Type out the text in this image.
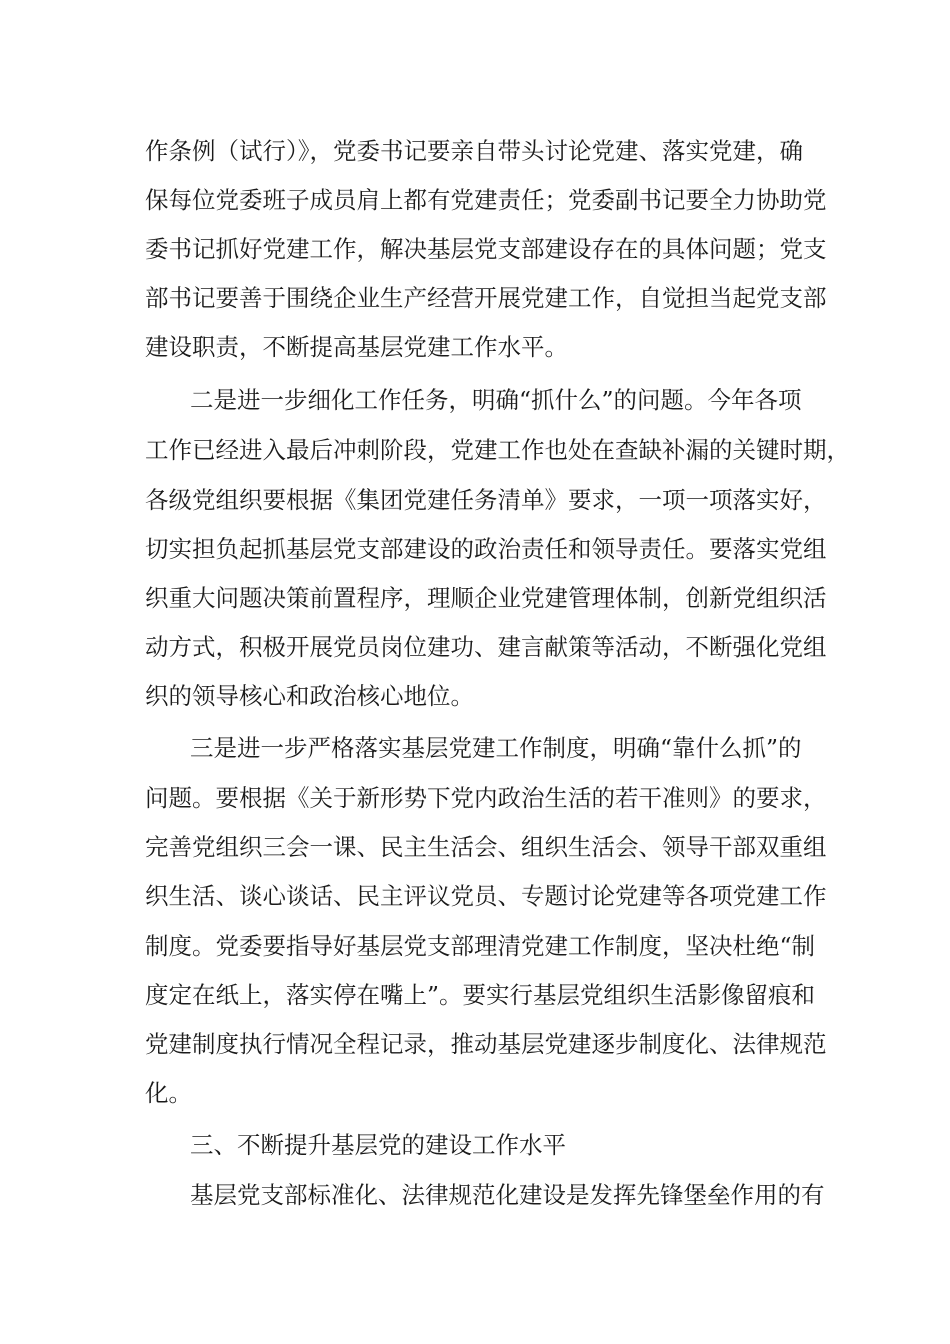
作条例（试行）》，党委书记要亲自带头讨论党建、落实党建，确
保每位党委班子成员肩上都有党建责任；党委副书记要全力协助党
委书记抓好党建工作，解决基层党支部建设存在的具体问题；党支
部书记要善于围绕企业生产经营开展党建工作，自觉担当起党支部
建设职责，不断提高基层党建工作水平。
二是进一步细化工作任务，明确“抓什么”的问题。今年各项
工作已经进入最后冲刺阶段，党建工作也处在查缺补漏的关键时期，
各级党组织要根据《集团党建任务清单》要求，一项一项落实好，
切实担负起抓基层党支部建设的政治责任和领导责任。要落实党组
织重大问题决策前置程序，理顺企业党建管理体制，创新党组织活
动方式，积极开展党员岗位建功、建言献策等活动，不断强化党组
织的领导核心和政治核心地位。
三是进一步严格落实基层党建工作制度，明确“靠什么抓”的
问题。要根据《关于新形势下党内政治生活的若干准则》的要求，
完善党组织三会一课、民主生活会、组织生活会、领导干部双重组
织生活、谈心谈话、民主评议党员、专题讨论党建等各项党建工作
制度。党委要指导好基层党支部理清党建工作制度，坚决杜绝“制
度定在纸上，落实停在嘴上”。要实行基层党组织生活影像留痕和
党建制度执行情况全程记录，推动基层党建逐步制度化、法律规范
化。
三、不断提升基层党的建设工作水平
基层党支部标准化、法律规范化建设是发挥先锋堡垒作用的有
